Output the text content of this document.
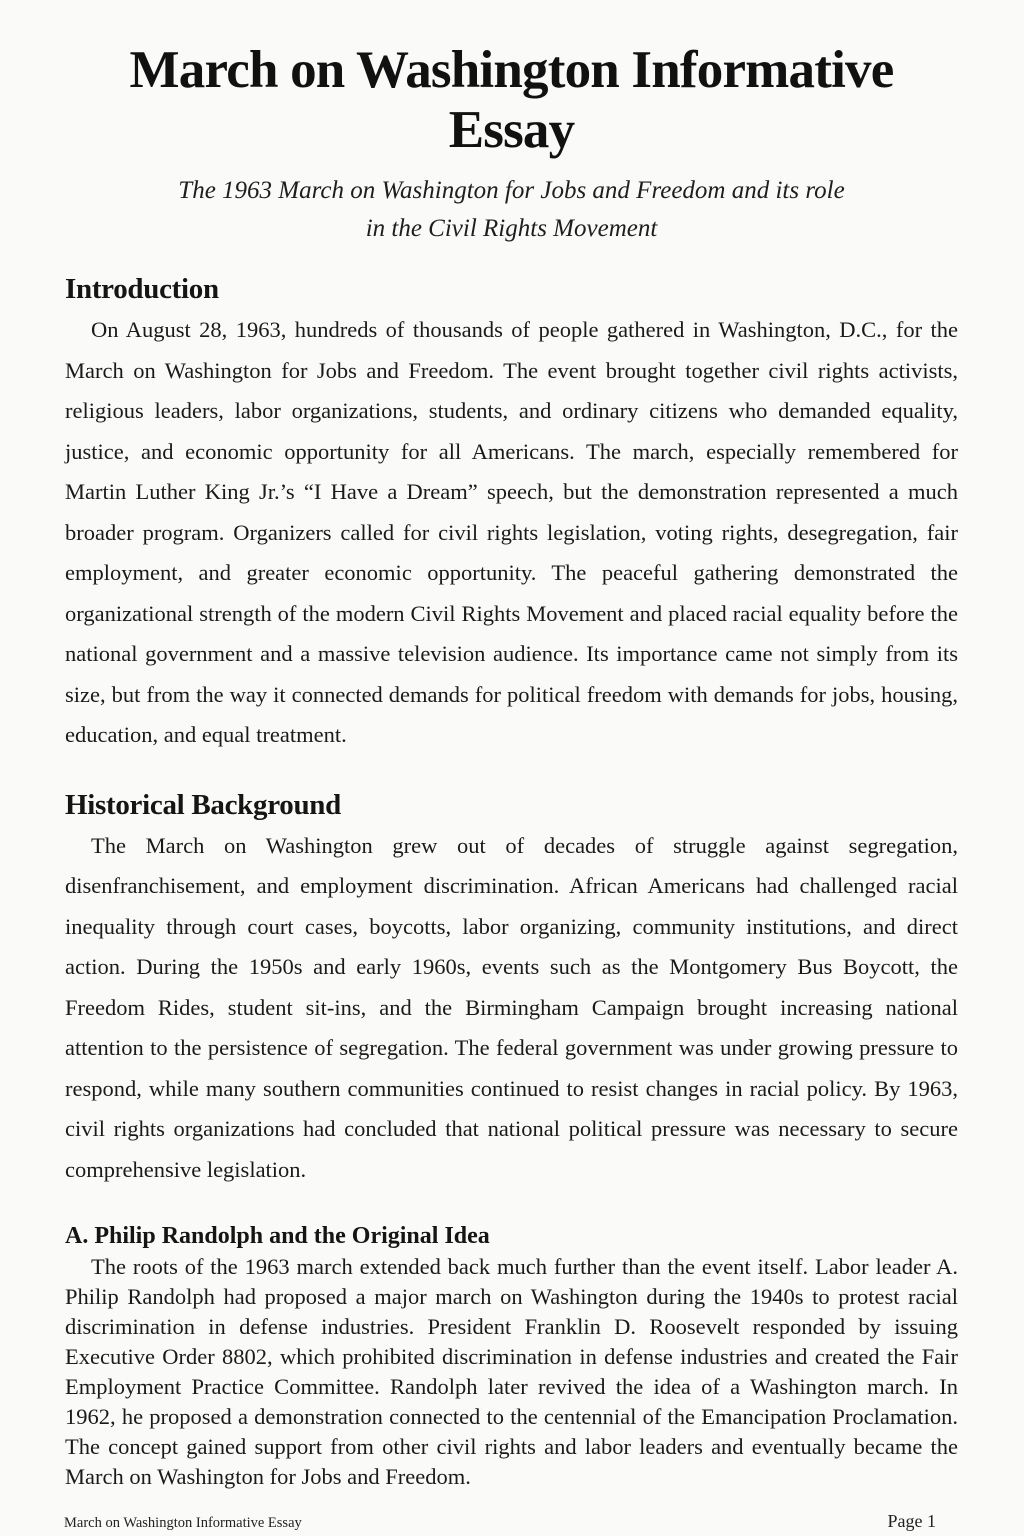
March on Washington Informative Essay

The 1963 March on Washington for Jobs and Freedom and its role in the Civil Rights Movement

Introduction

On August 28, 1963, hundreds of thousands of people gathered in Washington, D.C., for the March on Washington for Jobs and Freedom. The event brought together civil rights activists, religious leaders, labor organizations, students, and ordinary citizens who demanded equality, justice, and economic opportunity for all Americans. The march, especially remembered for Martin Luther King Jr.’s “I Have a Dream” speech, but the demonstration represented a much broader program. Organizers called for civil rights legislation, voting rights, desegregation, fair employment, and greater economic opportunity. The peaceful gathering demonstrated the organizational strength of the modern Civil Rights Movement and placed racial equality before the national government and a massive television audience. Its importance came not simply from its size, but from the way it connected demands for political freedom with demands for jobs, housing, education, and equal treatment.

Historical Background

The March on Washington grew out of decades of struggle against segregation, disenfranchisement, and employment discrimination. African Americans had challenged racial inequality through court cases, boycotts, labor organizing, community institutions, and direct action. During the 1950s and early 1960s, events such as the Montgomery Bus Boycott, the Freedom Rides, student sit-ins, and the Birmingham Campaign brought increasing national attention to the persistence of segregation. The federal government was under growing pressure to respond, while many southern communities continued to resist changes in racial policy. By 1963, civil rights organizations had concluded that national political pressure was necessary to secure comprehensive legislation.

A. Philip Randolph and the Original Idea

The roots of the 1963 march extended back much further than the event itself. Labor leader A. Philip Randolph had proposed a major march on Washington during the 1940s to protest racial discrimination in defense industries. President Franklin D. Roosevelt responded by issuing Executive Order 8802, which prohibited discrimination in defense industries and created the Fair Employment Practice Committee. Randolph later revived the idea of a Washington march. In 1962, he proposed a demonstration connected to the centennial of the Emancipation Proclamation. The concept gained support from other civil rights and labor leaders and eventually became the March on Washington for Jobs and Freedom.

March on Washington Informative Essay	Page 1
